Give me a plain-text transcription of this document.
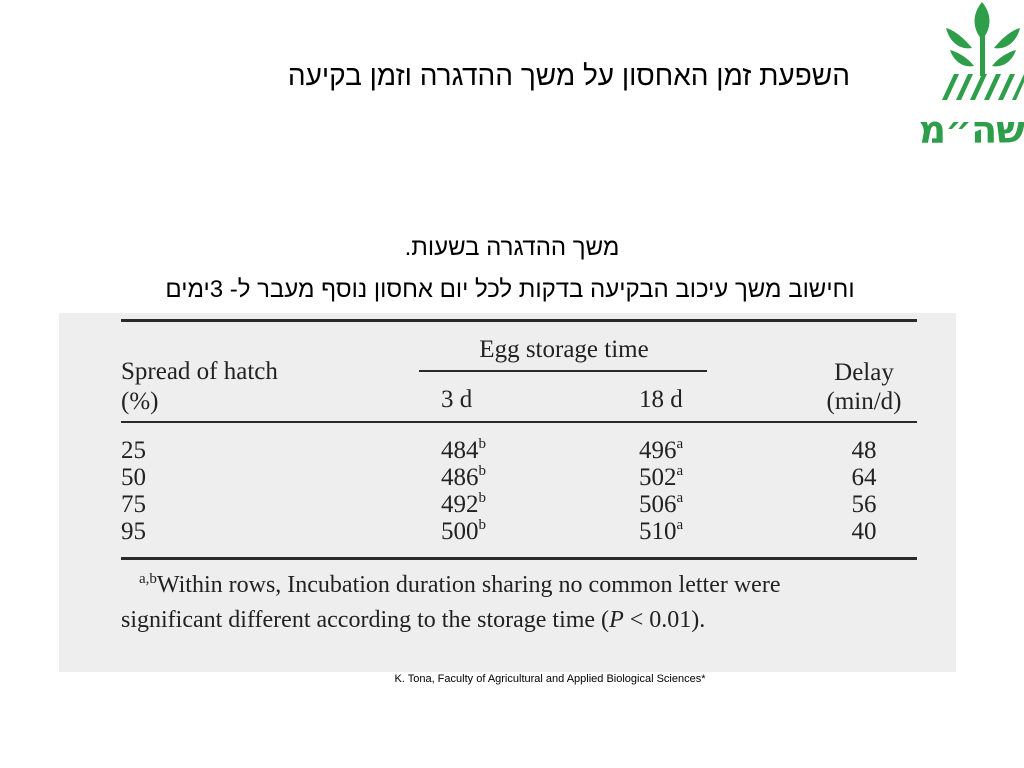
השפעת זמן האחסון על משך ההדגרה וזמן בקיעה
שה״מ
משך ההדגרה בשעות.
וחישוב משך עיכוב הבקיעה בדקות לכל יום אחסון נוסף מעבר ל- 3ימים
Spread of hatch
(%)
Egg storage time
3 d	18 d
Delay
(min/d)
25	484$^b$	496$^a$	48
50	486$^b$	502$^a$	64
75	492$^b$	506$^a$	56
95	500$^b$	510$^a$	40
$^{a,b}$Within rows, Incubation duration sharing no common letter were
significant different according to the storage time (P < 0.01).
K. Tona, Faculty of Agricultural and Applied Biological Sciences*
